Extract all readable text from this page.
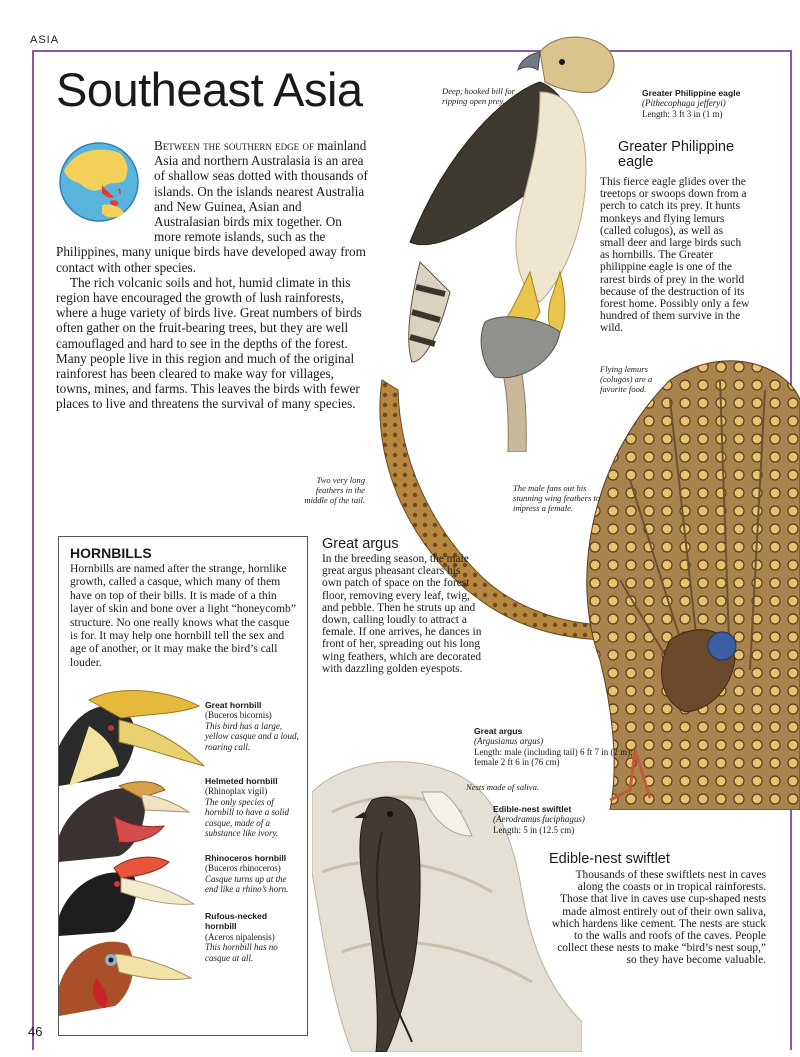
ASIA
Southeast Asia

Between the southern edge of mainland Asia and northern Australasia is an area of shallow seas dotted with thousands of islands. On the islands nearest Australia and New Guinea, Asian and Australasian birds mix together. On more remote islands, such as the Philippines, many unique birds have developed away from contact with other species.

The rich volcanic soils and hot, humid climate in this region have encouraged the growth of lush rainforests, where a huge variety of birds live. Great numbers of birds often gather on the fruit-bearing trees, but they are well camouflaged and hard to see in the depths of the forest. Many people live in this region and much of the original rainforest has been cleared to make way for villages, towns, mines, and farms. This leaves the birds with fewer places to live and threatens the survival of many species.

Deep, hooked bill for ripping open prey.
Greater Philippine eagle
(Pithecophaga jefferyi)
Length: 3 ft 3 in (1 m)
Greater Philippine eagle
This fierce eagle glides over the treetops or swoops down from a perch to catch its prey. It hunts monkeys and flying lemurs (called colugos), as well as small deer and large birds such as hornbills. The Greater philippine eagle is one of the rarest birds of prey in the world because of the destruction of its forest home. Possibly only a few hundred of them survive in the wild.
Flying lemurs (colugos) are a favorite food.
Two very long feathers in the middle of the tail.
The male fans out his stunning wing feathers to impress a female.
Great argus
In the breeding season, the male great argus pheasant clears his own patch of space on the forest floor, removing every leaf, twig, and pebble. Then he struts up and down, calling loudly to attract a female. If one arrives, he dances in front of her, spreading out his long wing feathers, which are decorated with dazzling golden eyespots.
Great argus
(Argusianus argus)
Length: male (including tail) 6 ft 7 in (2 m); female 2 ft 6 in (76 cm)
HORNBILLS
Hornbills are named after the strange, hornlike growth, called a casque, which many of them have on top of their bills. It is made of a thin layer of skin and bone over a light “honeycomb” structure. No one really knows what the casque is for. It may help one hornbill tell the sex and age of another, or it may make the bird’s call louder.
Great hornbill
(Buceros bicornis)
This bird has a large, yellow casque and a loud, roaring call.
Helmeted hornbill
(Rhinoplax vigil)
The only species of hornbill to have a solid casque, made of a substance like ivory.
Rhinoceros hornbill
(Buceros rhinoceros)
Casque turns up at the end like a rhino’s horn.
Rufous-necked hornbill
(Aceros nipalensis)
This hornbill has no casque at all.
Nests made of saliva.
Edible-nest swiftlet
(Aerodramus fuciphagus)
Length: 5 in (12.5 cm)
Edible-nest swiftlet
Thousands of these swiftlets nest in caves along the coasts or in tropical rainforests. Those that live in caves use cup-shaped nests made almost entirely out of their own saliva, which hardens like cement. The nests are stuck to the walls and roofs of the caves. People collect these nests to make “bird’s nest soup,” so they have become valuable.
46
